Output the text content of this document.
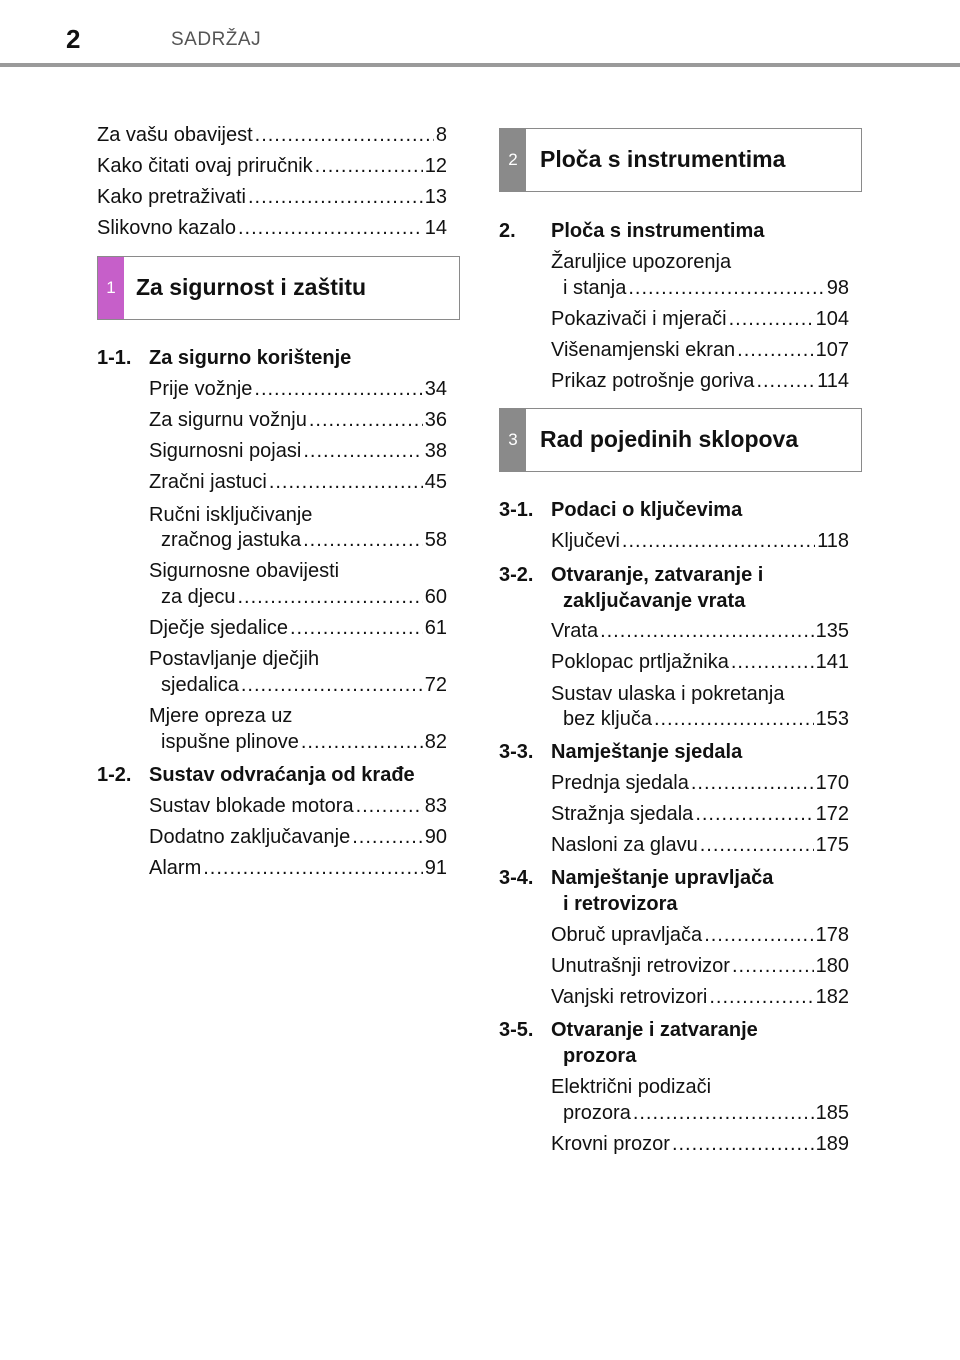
2	SADRŽAJ
Za vašu obavijest .....	8
Kako čitati ovaj priručnik .....	12
Kako pretraživati .....	13
Slikovno kazalo .....	14
1 Za sigurnost i zaštitu
1-1. Za sigurno korištenje
Prije vožnje .....	34
Za sigurnu vožnju .....	36
Sigurnosni pojasi .....	38
Zračni jastuci .....	45
Ručni isključivanje
zračnog jastuka .....	58
Sigurnosne obavijesti
za djecu .....	60
Dječje sjedalice .....	61
Postavljanje dječjih
sjedalica .....	72
Mjere opreza uz
ispušne plinove .....	82
1-2. Sustav odvraćanja od krađe
Sustav blokade motora .....	83
Dodatno zaključavanje .....	90
Alarm .....	91
2 Ploča s instrumentima
2. Ploča s instrumentima
Žaruljice upozorenja
i stanja .....	98
Pokazivači i mjerači .....	104
Višenamjenski ekran .....	107
Prikaz potrošnje goriva .....	114
3 Rad pojedinih sklopova
3-1. Podaci o ključevima
Ključevi .....	118
3-2. Otvaranje, zatvaranje i
zaključavanje vrata
Vrata .....	135
Poklopac prtljažnika .....	141
Sustav ulaska i pokretanja
bez ključa .....	153
3-3. Namještanje sjedala
Prednja sjedala .....	170
Stražnja sjedala .....	172
Nasloni za glavu .....	175
3-4. Namještanje upravljača
i retrovizora
Obruč upravljača .....	178
Unutrašnji retrovizor .....	180
Vanjski retrovizori .....	182
3-5. Otvaranje i zatvaranje
prozora
Električni podizači
prozora .....	185
Krovni prozor .....	189
